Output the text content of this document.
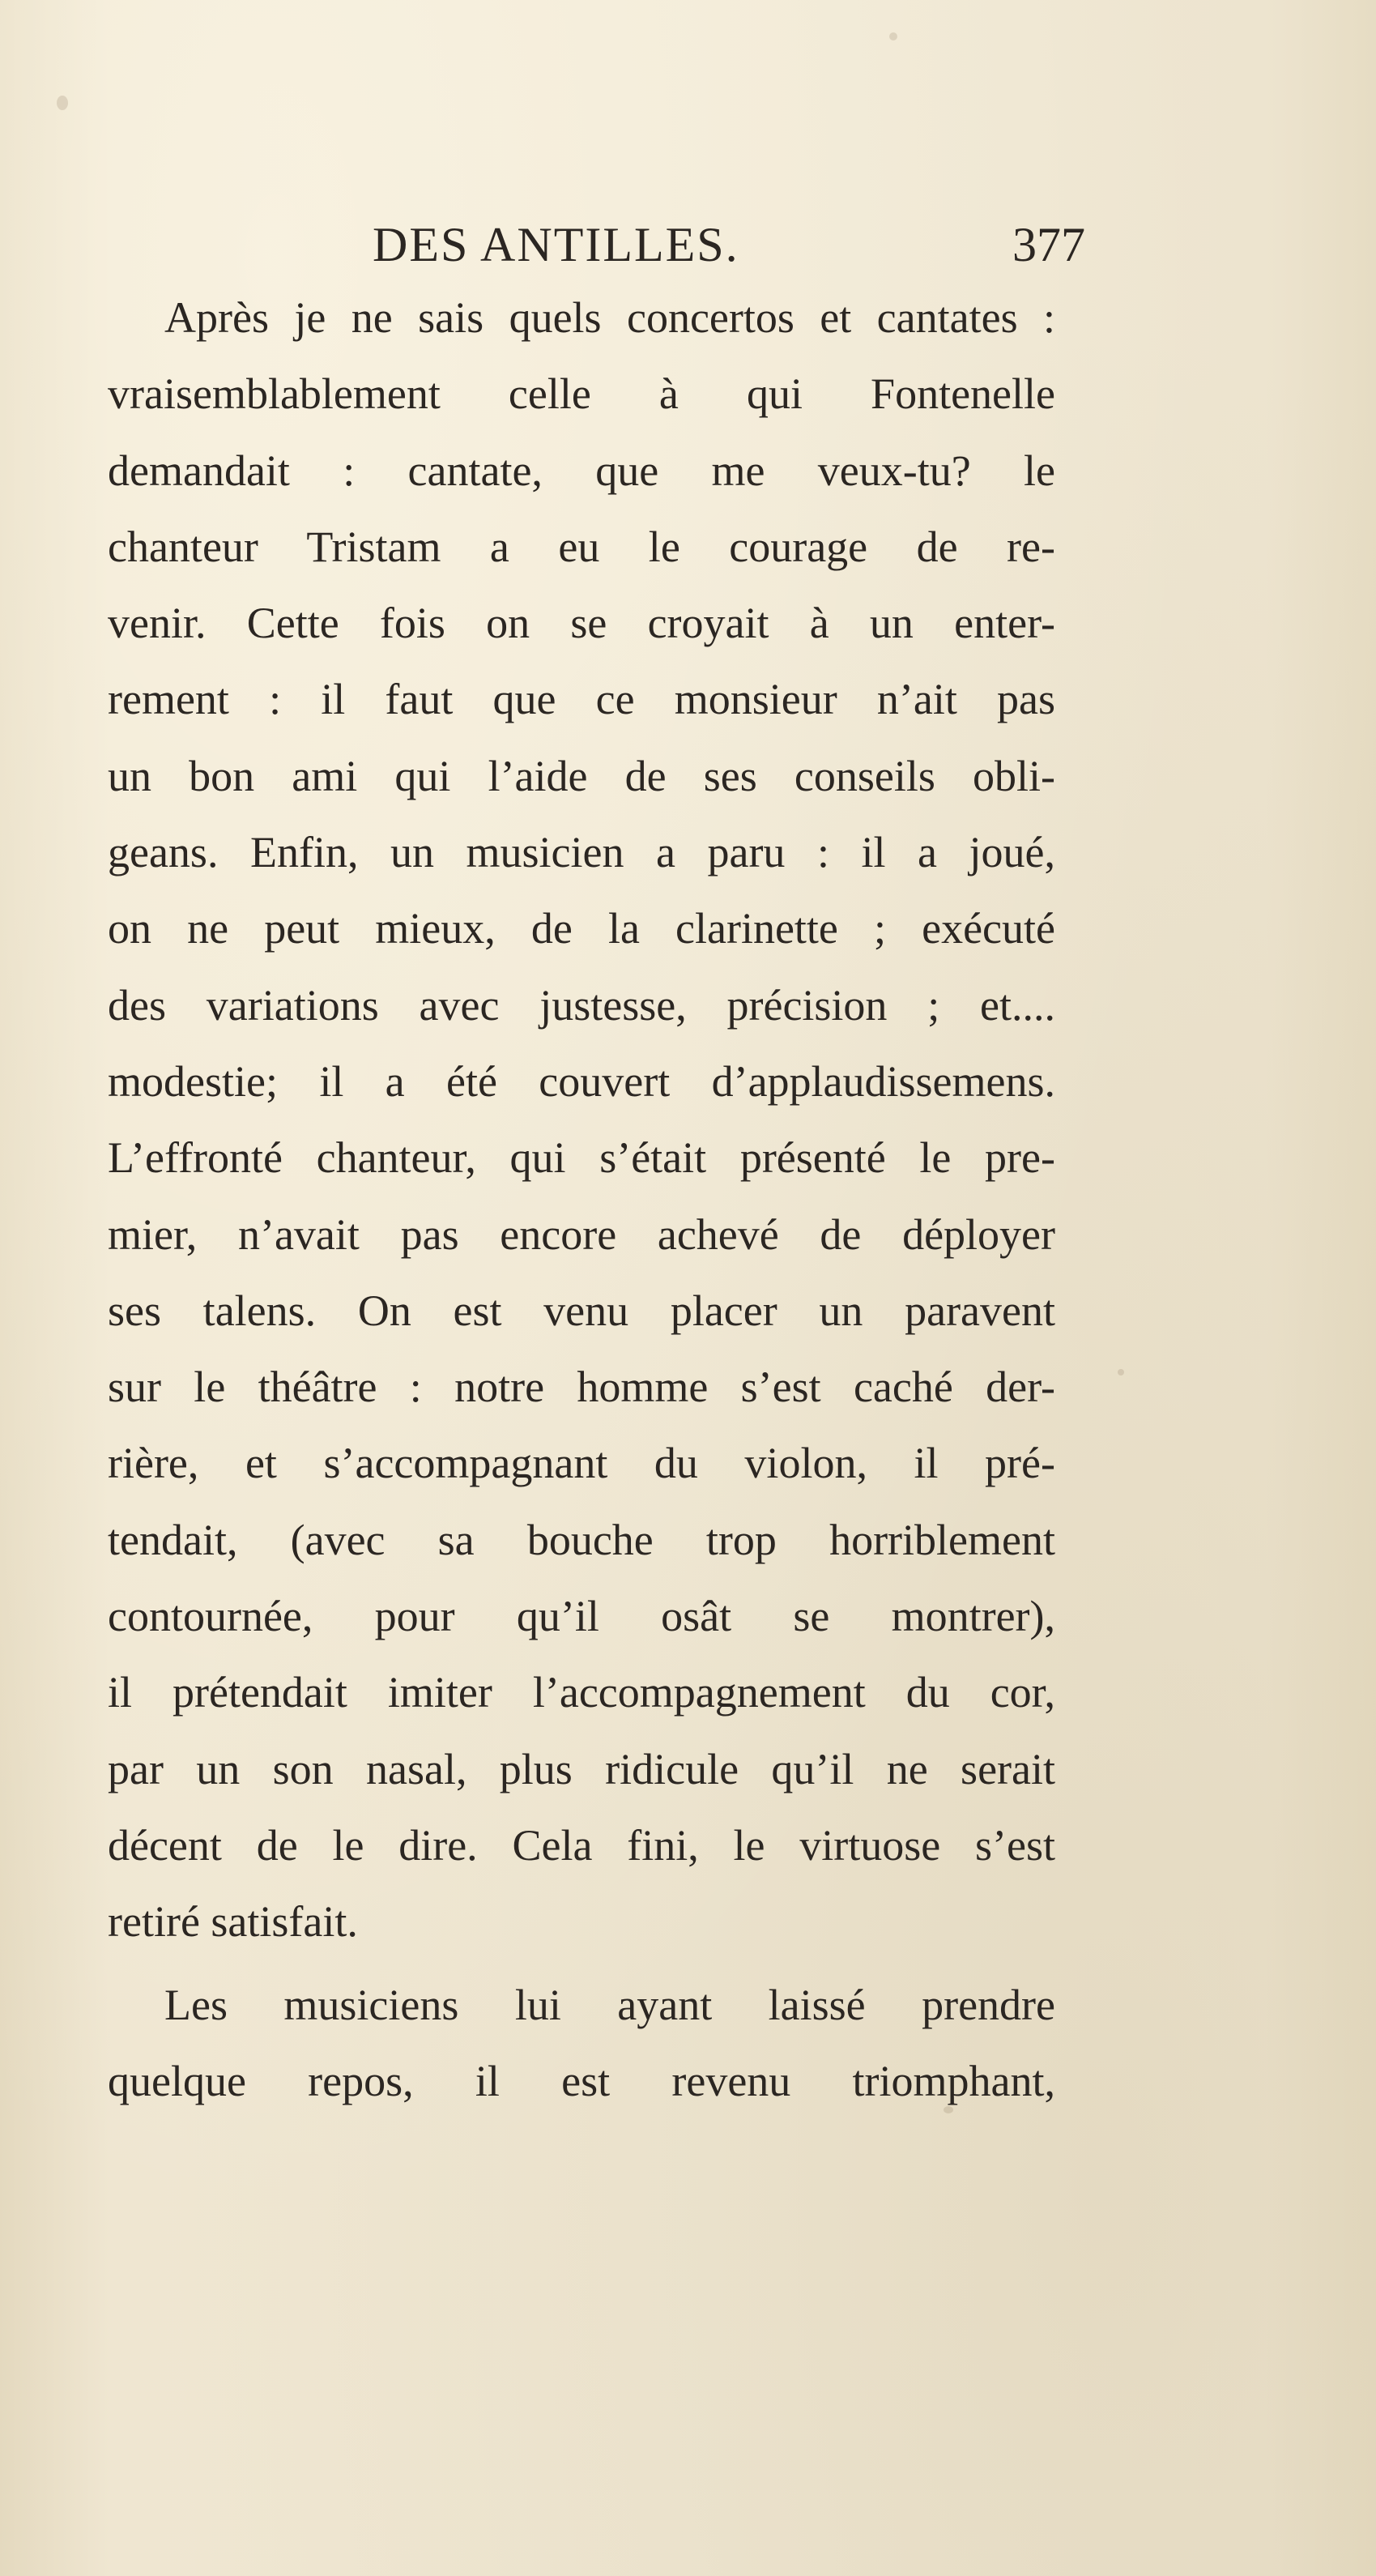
DES ANTILLES.	377
Après je ne sais quels concertos et cantates :
vraisemblablement celle à qui Fontenelle
demandait : cantate, que me veux-tu? le
chanteur Tristam a eu le courage de re-
venir. Cette fois on se croyait à un enter-
rement : il faut que ce monsieur n’ait pas
un bon ami qui l’aide de ses conseils obli-
geans. Enfin, un musicien a paru : il a joué,
on ne peut mieux, de la clarinette ; exécuté
des variations avec justesse, précision ; et....
modestie; il a été couvert d’applaudissemens.
L’effronté chanteur, qui s’était présenté le pre-
mier, n’avait pas encore achevé de déployer
ses talens. On est venu placer un paravent
sur le théâtre : notre homme s’est caché der-
rière, et s’accompagnant du violon, il pré-
tendait, (avec sa bouche trop horriblement
contournée, pour qu’il osât se montrer),
il prétendait imiter l’accompagnement du cor,
par un son nasal, plus ridicule qu’il ne serait
décent de le dire. Cela fini, le virtuose s’est
retiré satisfait.
Les musiciens lui ayant laissé prendre
quelque repos, il est revenu triomphant,
